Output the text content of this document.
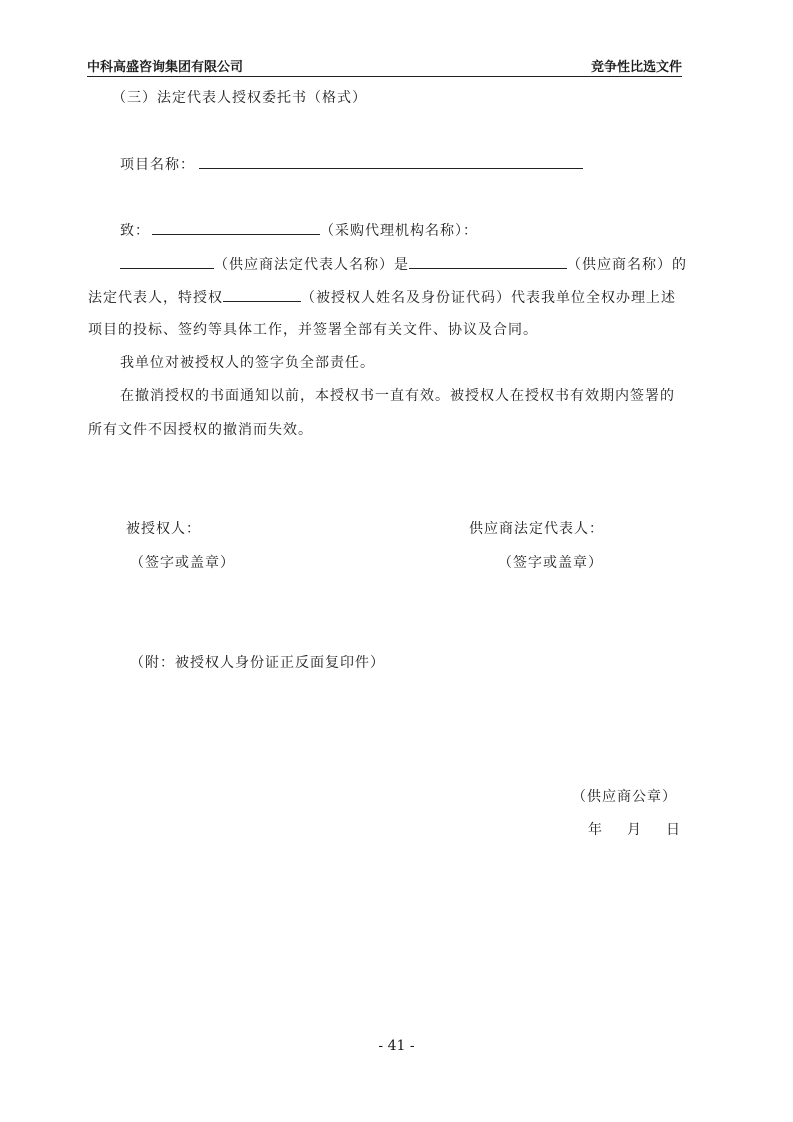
中科高盛咨询集团有限公司	竞争性比选文件
（三）法定代表人授权委托书（格式）
项目名称：
致：	（采购代理机构名称）：
（供应商法定代表人名称）是	（供应商名称）的
法定代表人，特授权	（被授权人姓名及身份证代码）代表我单位全权办理上述
项目的投标、签约等具体工作，并签署全部有关文件、协议及合同。
我单位对被授权人的签字负全部责任。
在撤消授权的书面通知以前，本授权书一直有效。被授权人在授权书有效期内签署的
所有文件不因授权的撤消而失效。
被授权人：
（签字或盖章）
供应商法定代表人：
（签字或盖章）
（附：被授权人身份证正反面复印件）
（供应商公章）
年 月 日
- 41 -
